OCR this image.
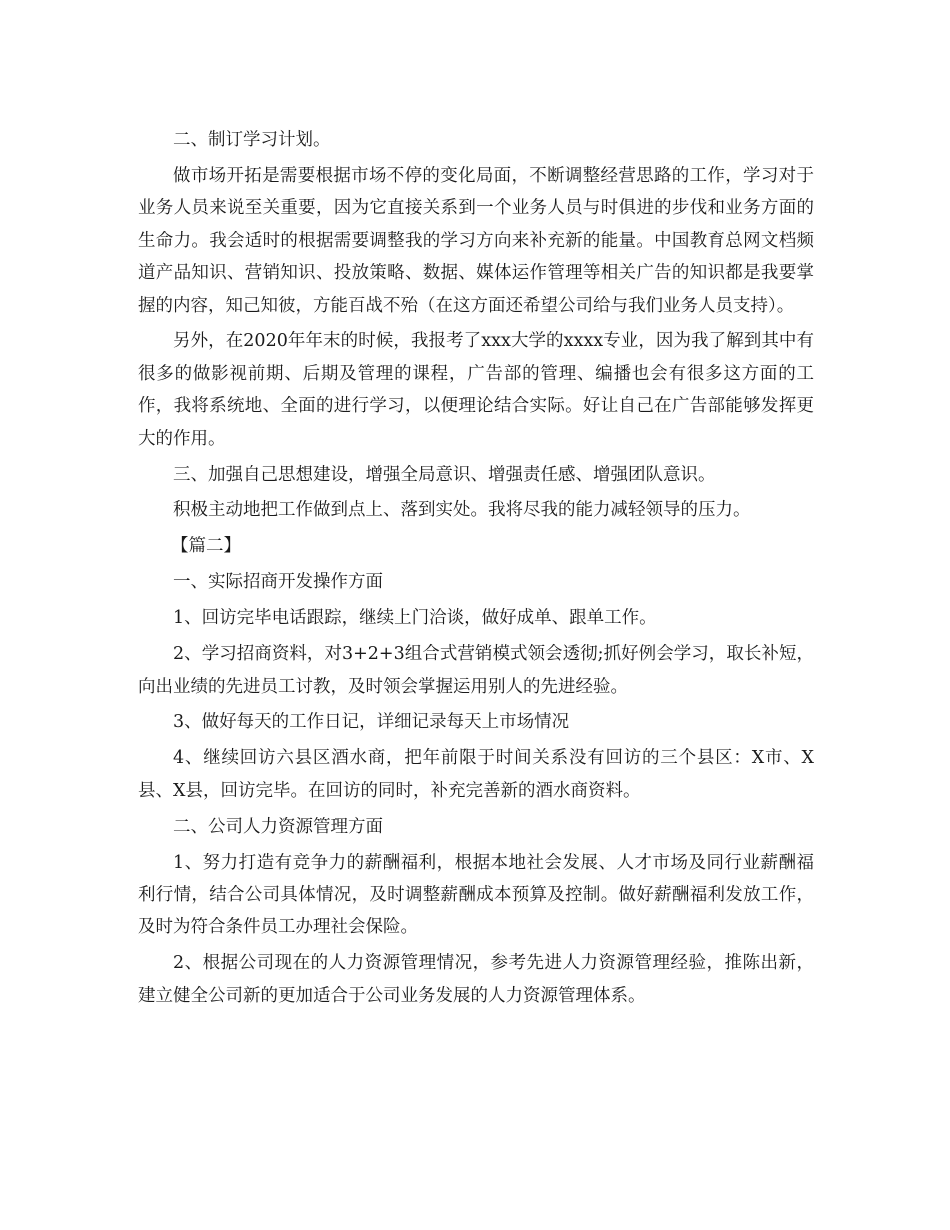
二、制订学习计划。

做市场开拓是需要根据市场不停的变化局面，不断调整经营思路的工作，学习对于业务人员来说至关重要，因为它直接关系到一个业务人员与时俱进的步伐和业务方面的生命力。我会适时的根据需要调整我的学习方向来补充新的能量。中国教育总网文档频道产品知识、营销知识、投放策略、数据、媒体运作管理等相关广告的知识都是我要掌握的内容，知己知彼，方能百战不殆（在这方面还希望公司给与我们业务人员支持）。

另外，在2020年年末的时候，我报考了xxx大学的xxxx专业，因为我了解到其中有很多的做影视前期、后期及管理的课程，广告部的管理、编播也会有很多这方面的工作，我将系统地、全面的进行学习，以便理论结合实际。好让自己在广告部能够发挥更大的作用。

三、加强自己思想建设，增强全局意识、增强责任感、增强团队意识。

积极主动地把工作做到点上、落到实处。我将尽我的能力减轻领导的压力。

【篇二】

一、实际招商开发操作方面

1、回访完毕电话跟踪，继续上门洽谈，做好成单、跟单工作。

2、学习招商资料，对3+2+3组合式营销模式领会透彻;抓好例会学习，取长补短，向出业绩的先进员工讨教，及时领会掌握运用别人的先进经验。

3、做好每天的工作日记，详细记录每天上市场情况

4、继续回访六县区酒水商，把年前限于时间关系没有回访的三个县区：X市、X县、X县，回访完毕。在回访的同时，补充完善新的酒水商资料。

二、公司人力资源管理方面

1、努力打造有竞争力的薪酬福利，根据本地社会发展、人才市场及同行业薪酬福利行情，结合公司具体情况，及时调整薪酬成本预算及控制。做好薪酬福利发放工作，及时为符合条件员工办理社会保险。

2、根据公司现在的人力资源管理情况，参考先进人力资源管理经验，推陈出新，建立健全公司新的更加适合于公司业务发展的人力资源管理体系。
